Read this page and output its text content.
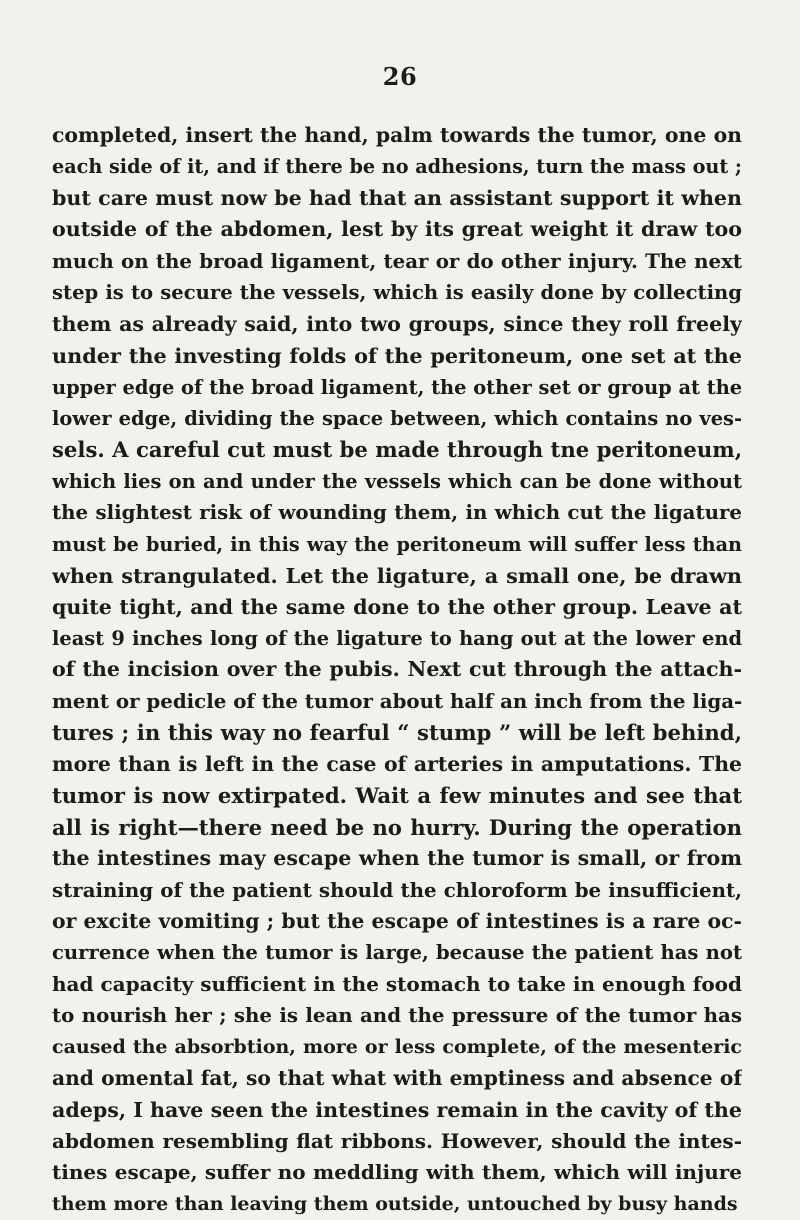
26
completed, insert the hand, palm towards the tumor, one on
each side of it, and if there be no adhesions, turn the mass out ;
but care must now be had that an assistant support it when
outside of the abdomen, lest by its great weight it draw too
much on the broad ligament, tear or do other injury. The next
step is to secure the vessels, which is easily done by collecting
them as already said, into two groups, since they roll freely
under the investing folds of the peritoneum, one set at the
upper edge of the broad ligament, the other set or group at the
lower edge, dividing the space between, which contains no ves-
sels. A careful cut must be made through tne peritoneum,
which lies on and under the vessels which can be done without
the slightest risk of wounding them, in which cut the ligature
must be buried, in this way the peritoneum will suffer less than
when strangulated. Let the ligature, a small one, be drawn
quite tight, and the same done to the other group. Leave at
least 9 inches long of the ligature to hang out at the lower end
of the incision over the pubis. Next cut through the attach-
ment or pedicle of the tumor about half an inch from the liga-
tures ; in this way no fearful “ stump ” will be left behind,
more than is left in the case of arteries in amputations. The
tumor is now extirpated. Wait a few minutes and see that
all is right—there need be no hurry. During the operation
the intestines may escape when the tumor is small, or from
straining of the patient should the chloroform be insufficient,
or excite vomiting ; but the escape of intestines is a rare oc-
currence when the tumor is large, because the patient has not
had capacity sufficient in the stomach to take in enough food
to nourish her ; she is lean and the pressure of the tumor has
caused the absorbtion, more or less complete, of the mesenteric
and omental fat, so that what with emptiness and absence of
adeps, I have seen the intestines remain in the cavity of the
abdomen resembling flat ribbons. However, should the intes-
tines escape, suffer no meddling with them, which will injure
them more than leaving them outside, untouched by busy hands
